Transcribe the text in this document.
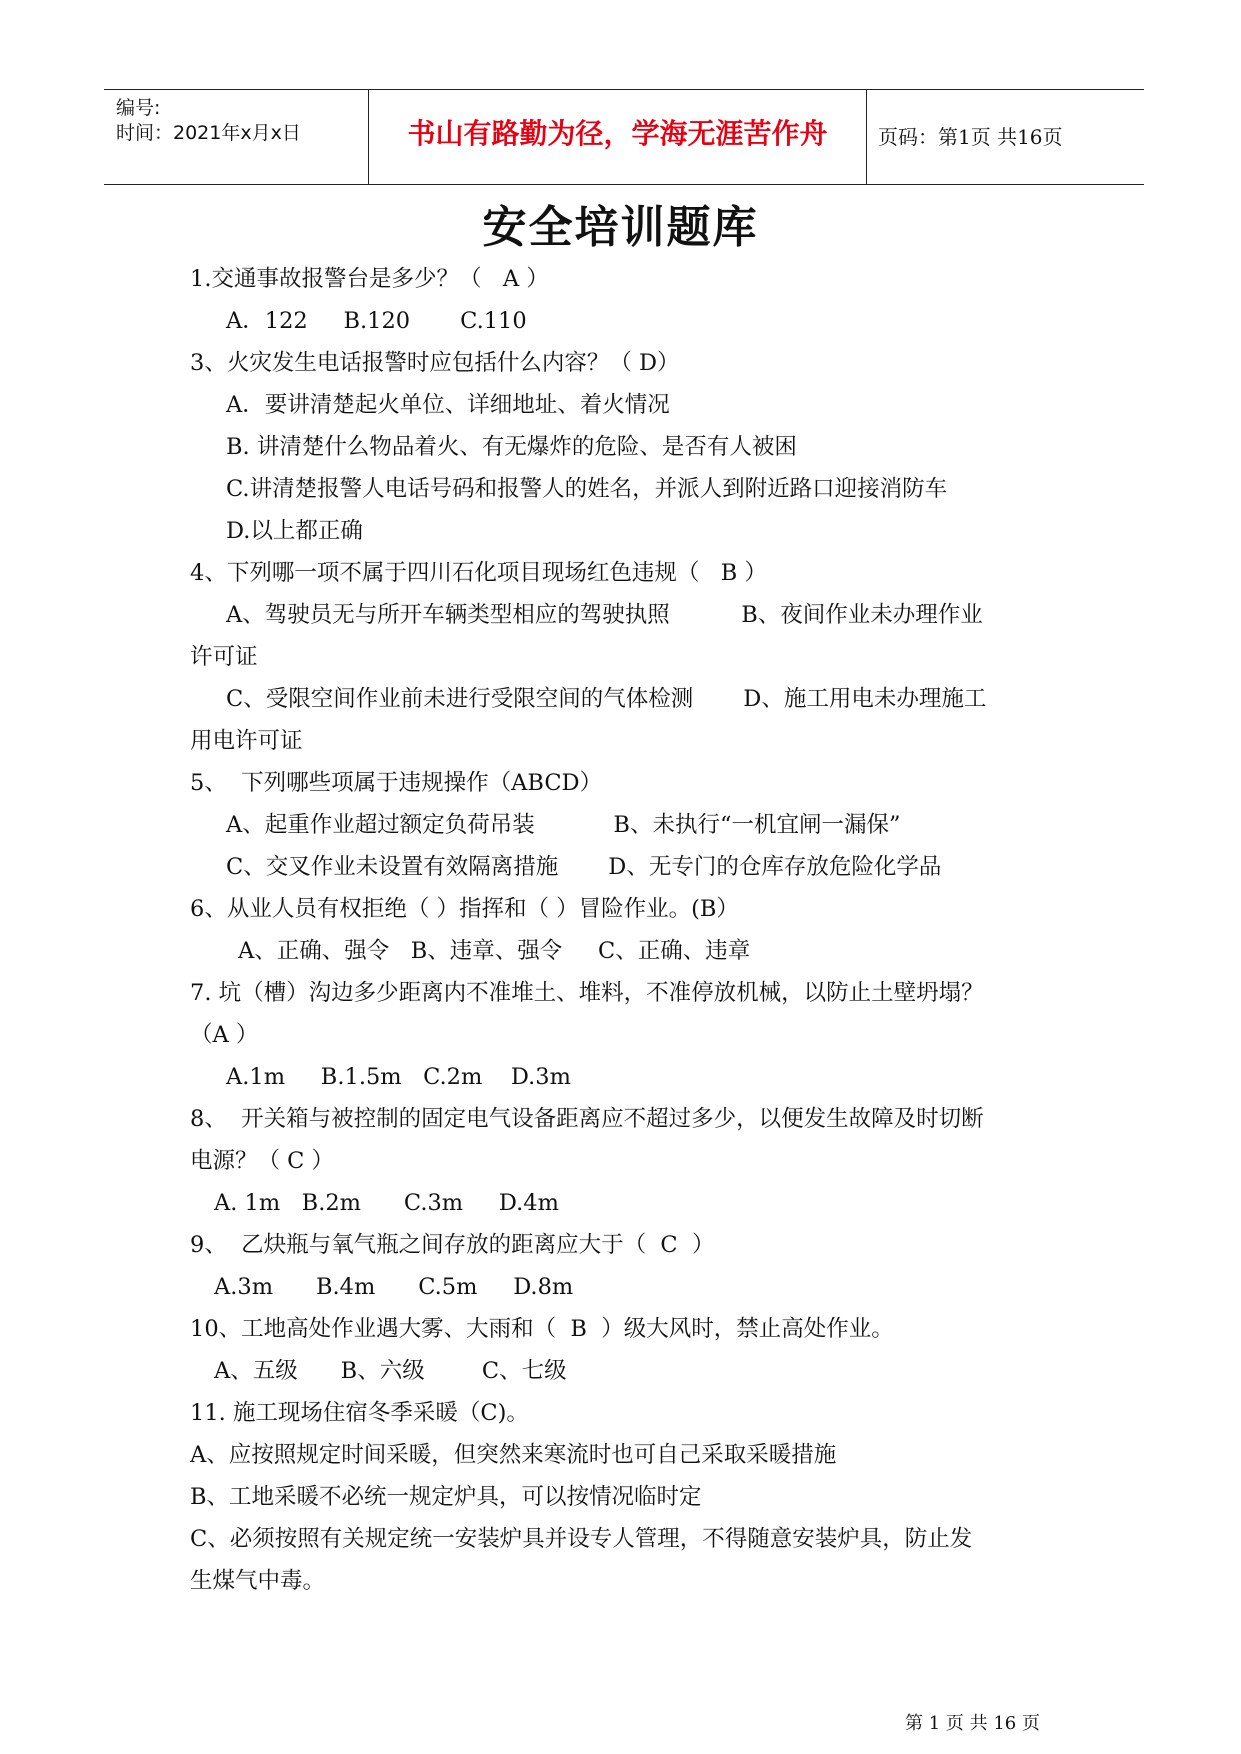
编号:
时间：2021年x月x日	书山有路勤为径，学海无涯苦作舟	页码：第1页 共16页
安全培训题库
1.交通事故报警台是多少？（   A ）
A．122     B.120       C.110
3、火灾发生电话报警时应包括什么内容？（ D）
A．要讲清楚起火单位、详细地址、着火情况
B. 讲清楚什么物品着火、有无爆炸的危险、是否有人被困
C.讲清楚报警人电话号码和报警人的姓名，并派人到附近路口迎接消防车
D.以上都正确
4、下列哪一项不属于四川石化项目现场红色违规（   B ）
A、驾驶员无与所开车辆类型相应的驾驶执照          B、夜间作业未办理作业
许可证
C、受限空间作业前未进行受限空间的气体检测       D、施工用电未办理施工
用电许可证
5、  下列哪些项属于违规操作（ABCD）
A、起重作业超过额定负荷吊装           B、未执行“一机宜闸一漏保”
C、交叉作业未设置有效隔离措施       D、无专门的仓库存放危险化学品
6、从业人员有权拒绝（ ）指挥和（ ）冒险作业。(B）
A、正确、强令   B、违章、强令     C、正确、违章
7. 坑（槽）沟边多少距离内不准堆土、堆料，不准停放机械，以防止土壁坍塌？
（A ）
A.1m     B.1.5m   C.2m    D.3m
8、  开关箱与被控制的固定电气设备距离应不超过多少，以便发生故障及时切断
电源？（ C ）
A. 1m   B.2m      C.3m     D.4m
9、  乙炔瓶与氧气瓶之间存放的距离应大于（  C  ）
A.3m      B.4m      C.5m     D.8m
10、工地高处作业遇大雾、大雨和（  B  ）级大风时，禁止高处作业。
A、五级      B、六级        C、七级
11. 施工现场住宿冬季采暖（C)。
A、应按照规定时间采暖，但突然来寒流时也可自己采取采暖措施
B、工地采暖不必统一规定炉具，可以按情况临时定
C、必须按照有关规定统一安装炉具并设专人管理，不得随意安装炉具，防止发
生煤气中毒。
第 1 页 共 16 页
